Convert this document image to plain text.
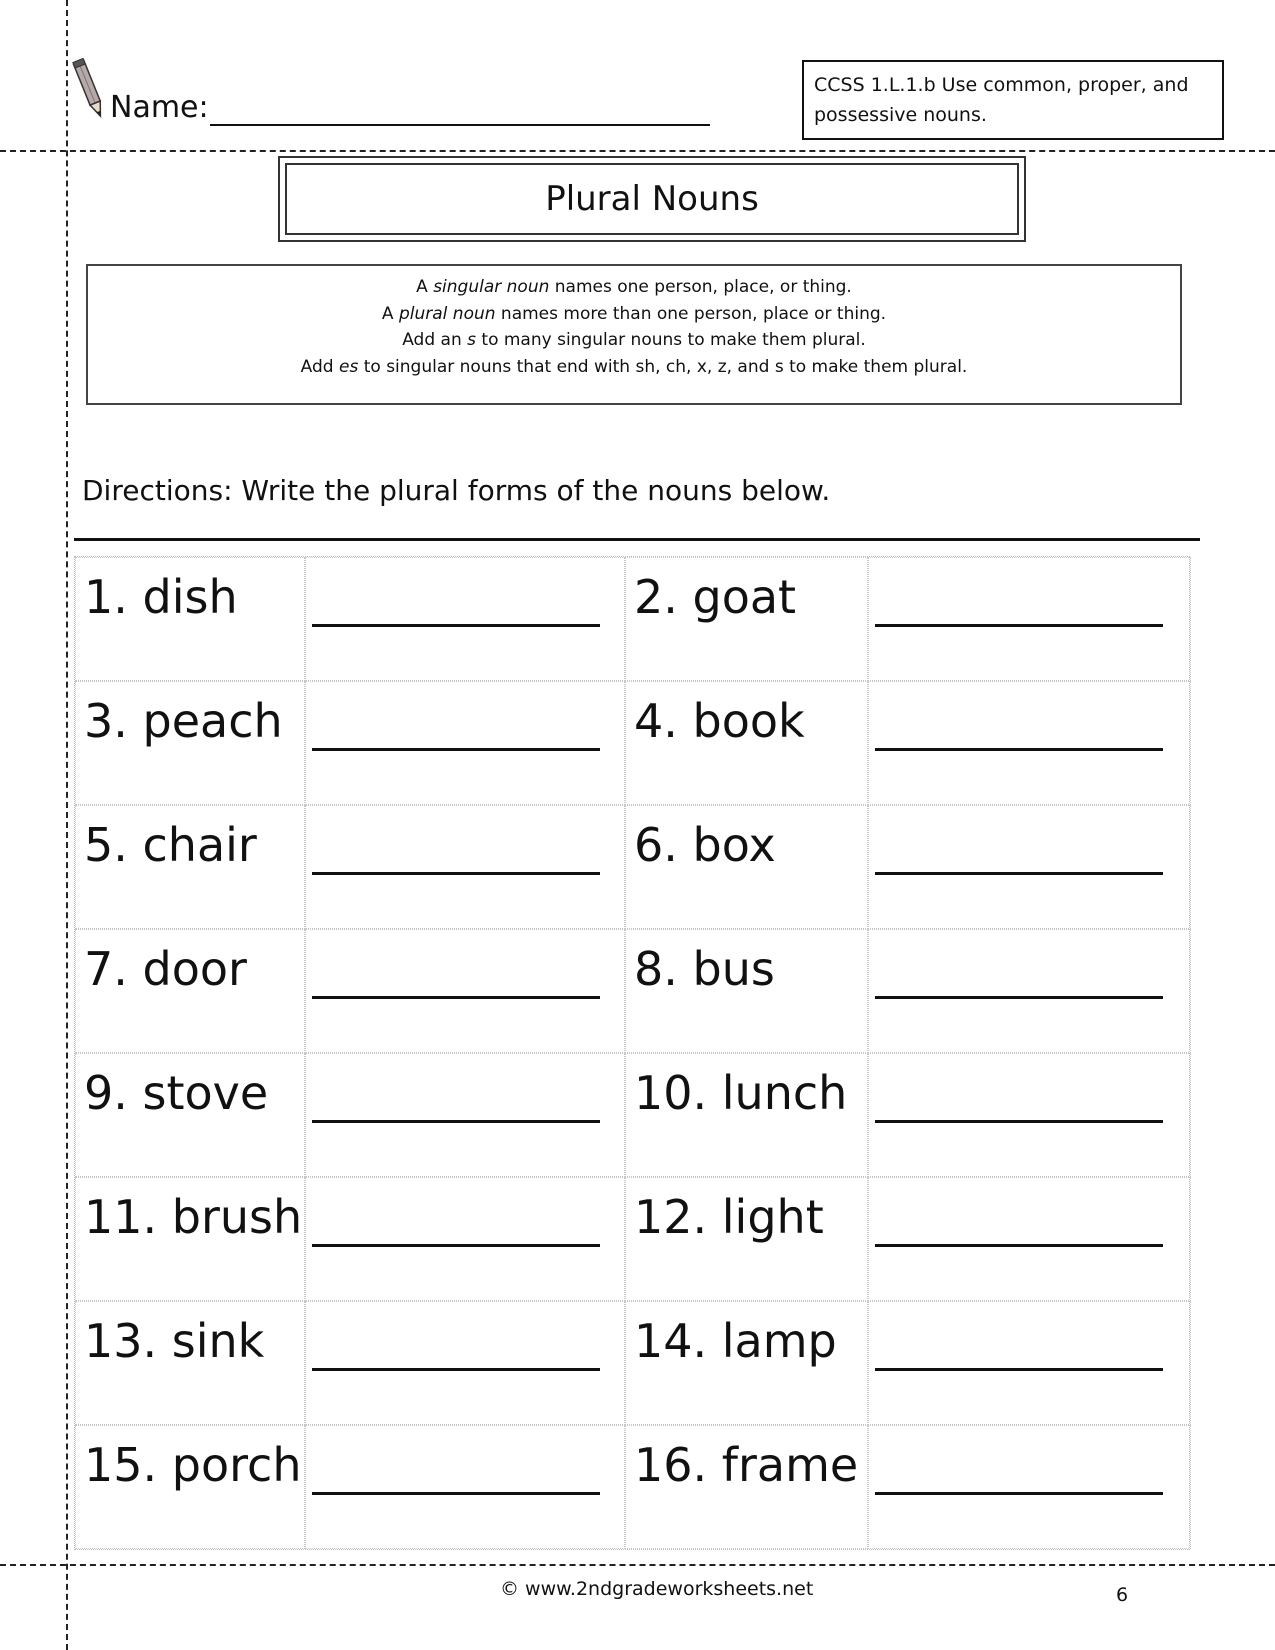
Name:
CCSS 1.L.1.b Use common, proper, and possessive nouns.
Plural Nouns
A singular noun names one person, place, or thing.
A plural noun names more than one person, place or thing.
Add an s to many singular nouns to make them plural.
Add es to singular nouns that end with sh, ch, x, z, and s to make them plural.
Directions: Write the plural forms of the nouns below.
1. dish	2. goat
3. peach	4. book
5. chair	6. box
7. door	8. bus
9. stove	10. lunch
11. brush	12. light
13. sink	14. lamp
15. porch	16. frame
© www.2ndgradeworksheets.net	6
